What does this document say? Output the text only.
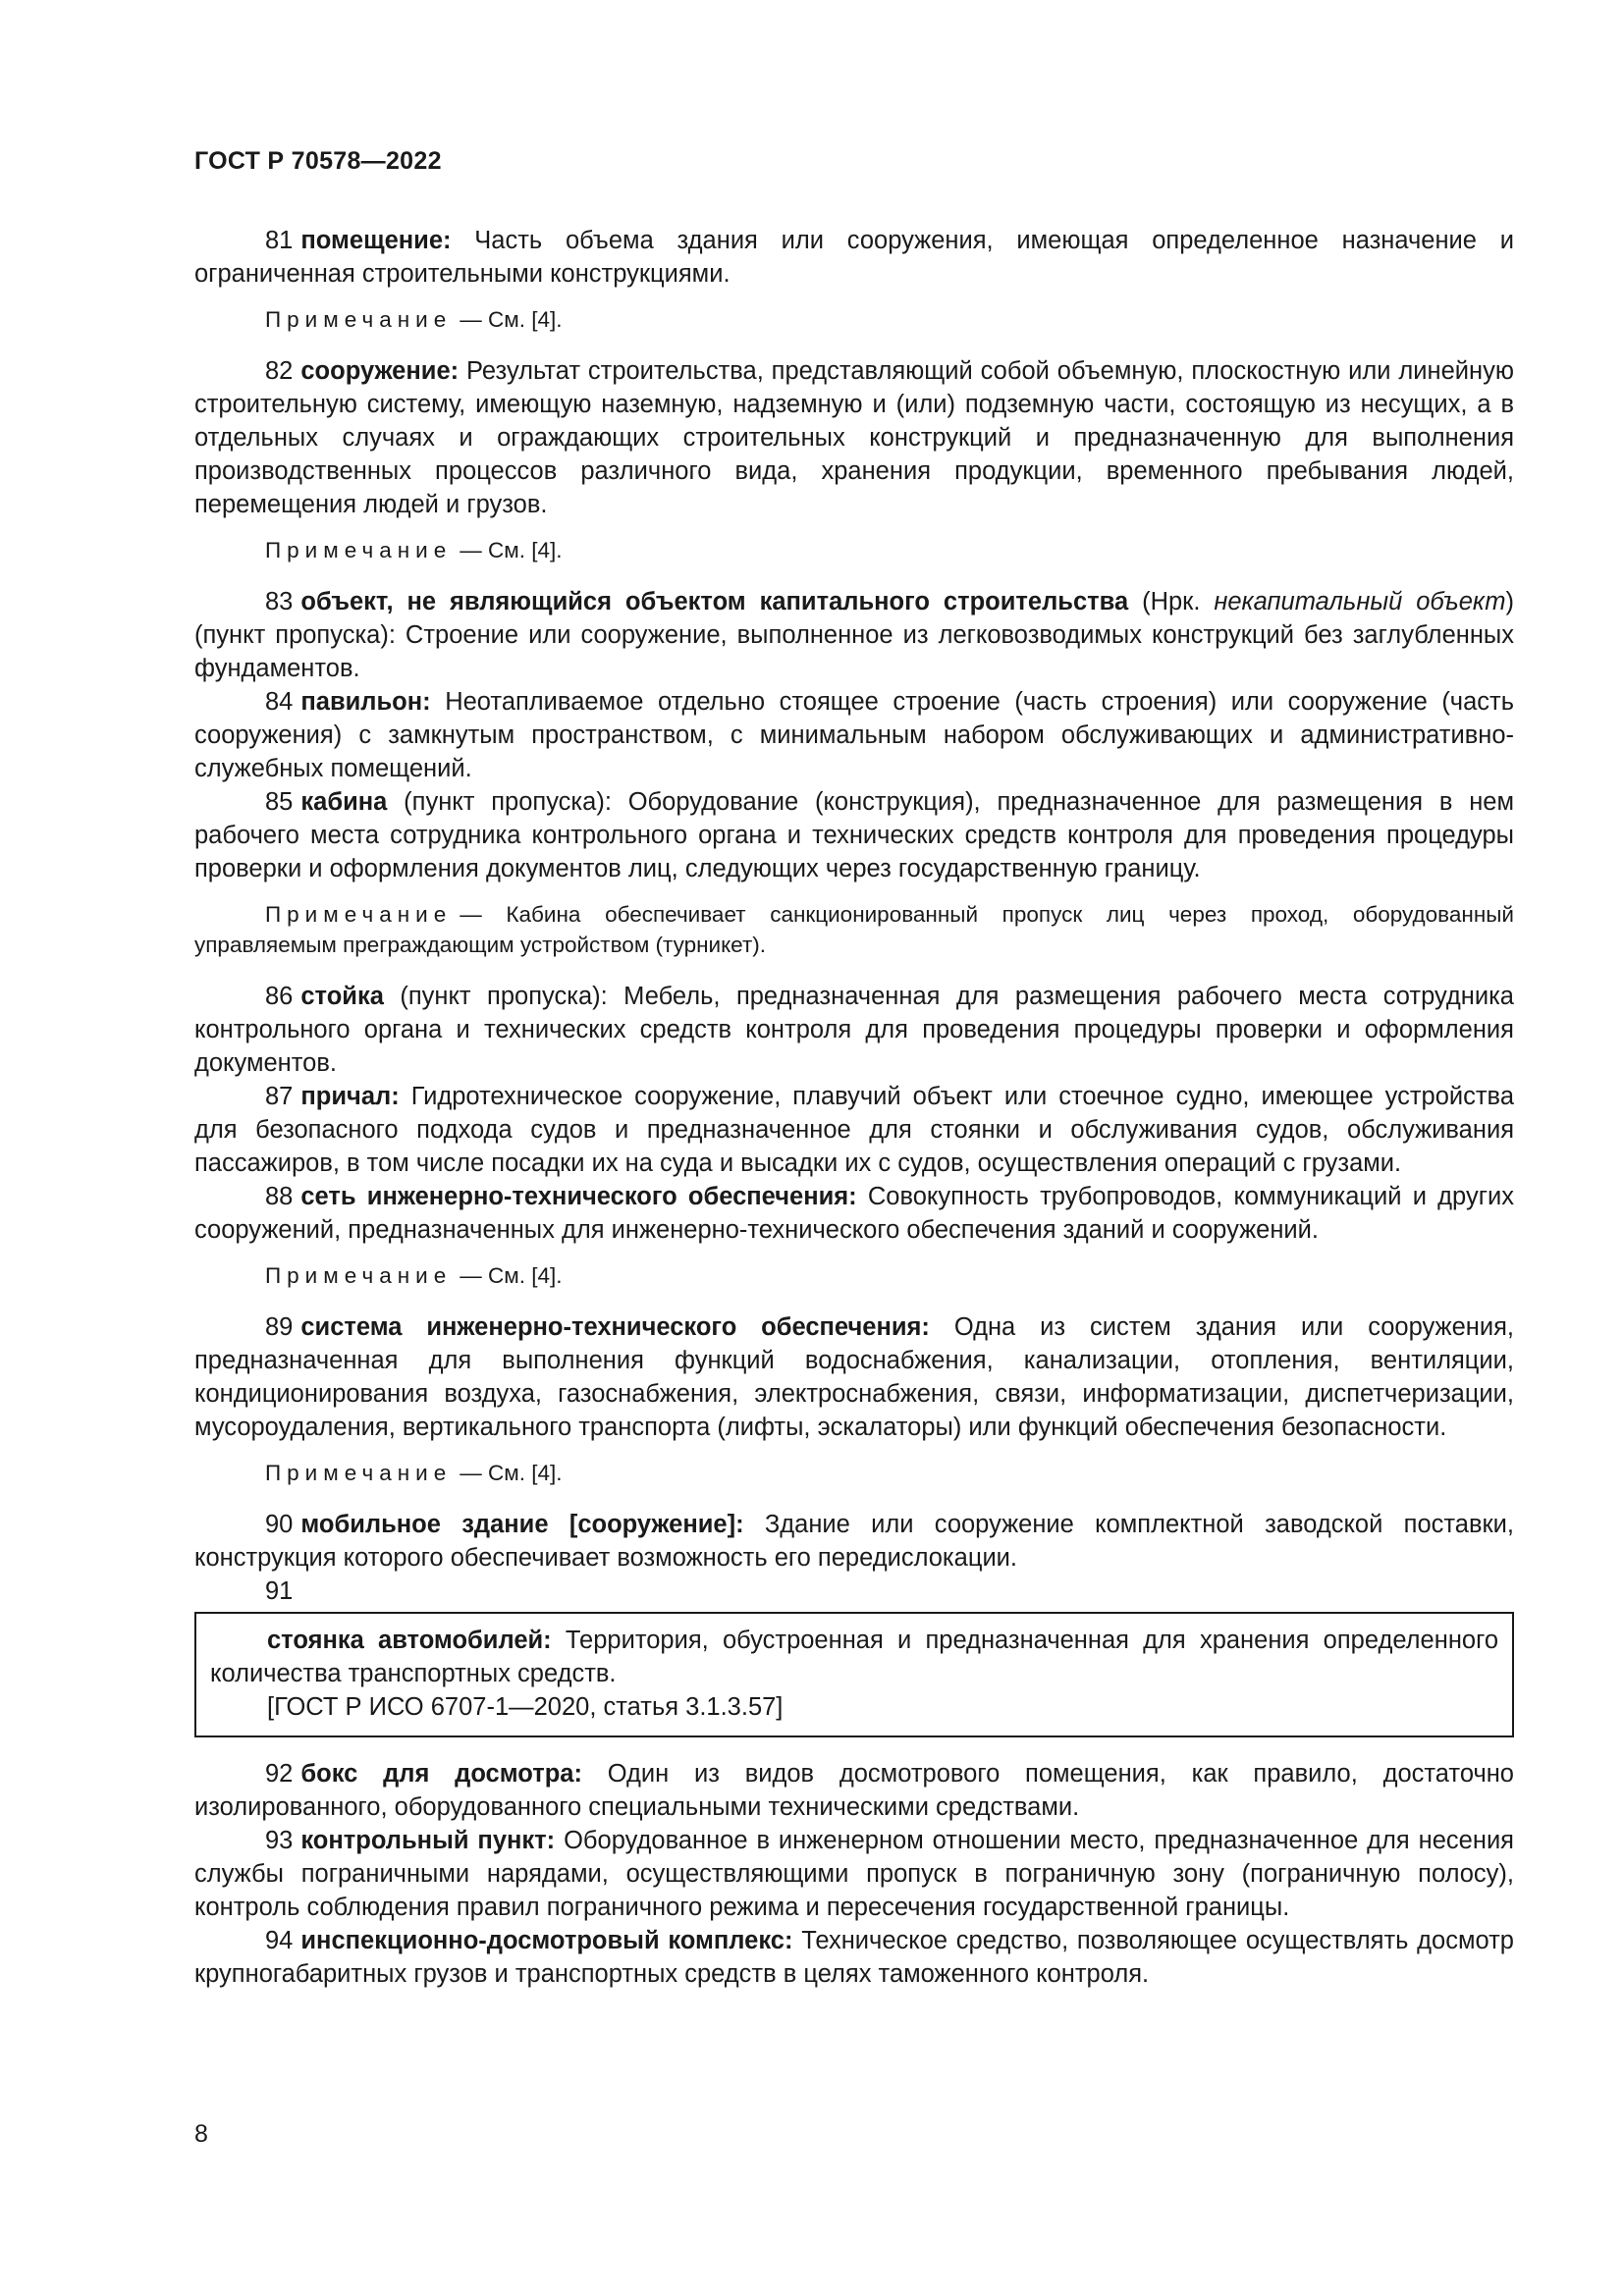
ГОСТ Р 70578—2022

81 помещение: Часть объема здания или сооружения, имеющая определенное назначение и ограниченная строительными конструкциями.

Примечание — См. [4].

82 сооружение: Результат строительства, представляющий собой объемную, плоскостную или линейную строительную систему, имеющую наземную, надземную и (или) подземную части, состоящую из несущих, а в отдельных случаях и ограждающих строительных конструкций и предназначенную для выполнения производственных процессов различного вида, хранения продукции, временного пребывания людей, перемещения людей и грузов.

Примечание — См. [4].

83 объект, не являющийся объектом капитального строительства (Нрк. некапитальный объект) (пункт пропуска): Строение или сооружение, выполненное из легковозводимых конструкций без заглубленных фундаментов.

84 павильон: Неотапливаемое отдельно стоящее строение (часть строения) или сооружение (часть сооружения) с замкнутым пространством, с минимальным набором обслуживающих и административно-служебных помещений.

85 кабина (пункт пропуска): Оборудование (конструкция), предназначенное для размещения в нем рабочего места сотрудника контрольного органа и технических средств контроля для проведения процедуры проверки и оформления документов лиц, следующих через государственную границу.

Примечание — Кабина обеспечивает санкционированный пропуск лиц через проход, оборудованный управляемым преграждающим устройством (турникет).

86 стойка (пункт пропуска): Мебель, предназначенная для размещения рабочего места сотрудника контрольного органа и технических средств контроля для проведения процедуры проверки и оформления документов.

87 причал: Гидротехническое сооружение, плавучий объект или стоечное судно, имеющее устройства для безопасного подхода судов и предназначенное для стоянки и обслуживания судов, обслуживания пассажиров, в том числе посадки их на суда и высадки их с судов, осуществления операций с грузами.

88 сеть инженерно-технического обеспечения: Совокупность трубопроводов, коммуникаций и других сооружений, предназначенных для инженерно-технического обеспечения зданий и сооружений.

Примечание — См. [4].

89 система инженерно-технического обеспечения: Одна из систем здания или сооружения, предназначенная для выполнения функций водоснабжения, канализации, отопления, вентиляции, кондиционирования воздуха, газоснабжения, электроснабжения, связи, информатизации, диспетчеризации, мусороудаления, вертикального транспорта (лифты, эскалаторы) или функций обеспечения безопасности.

Примечание — См. [4].

90 мобильное здание [сооружение]: Здание или сооружение комплектной заводской поставки, конструкция которого обеспечивает возможность его передислокации.

91

стоянка автомобилей: Территория, обустроенная и предназначенная для хранения определенного количества транспортных средств.

[ГОСТ Р ИСО 6707-1—2020, статья 3.1.3.57]

92 бокс для досмотра: Один из видов досмотрового помещения, как правило, достаточно изолированного, оборудованного специальными техническими средствами.

93 контрольный пункт: Оборудованное в инженерном отношении место, предназначенное для несения службы пограничными нарядами, осуществляющими пропуск в пограничную зону (пограничную полосу), контроль соблюдения правил пограничного режима и пересечения государственной границы.

94 инспекционно-досмотровый комплекс: Техническое средство, позволяющее осуществлять досмотр крупногабаритных грузов и транспортных средств в целях таможенного контроля.

8
